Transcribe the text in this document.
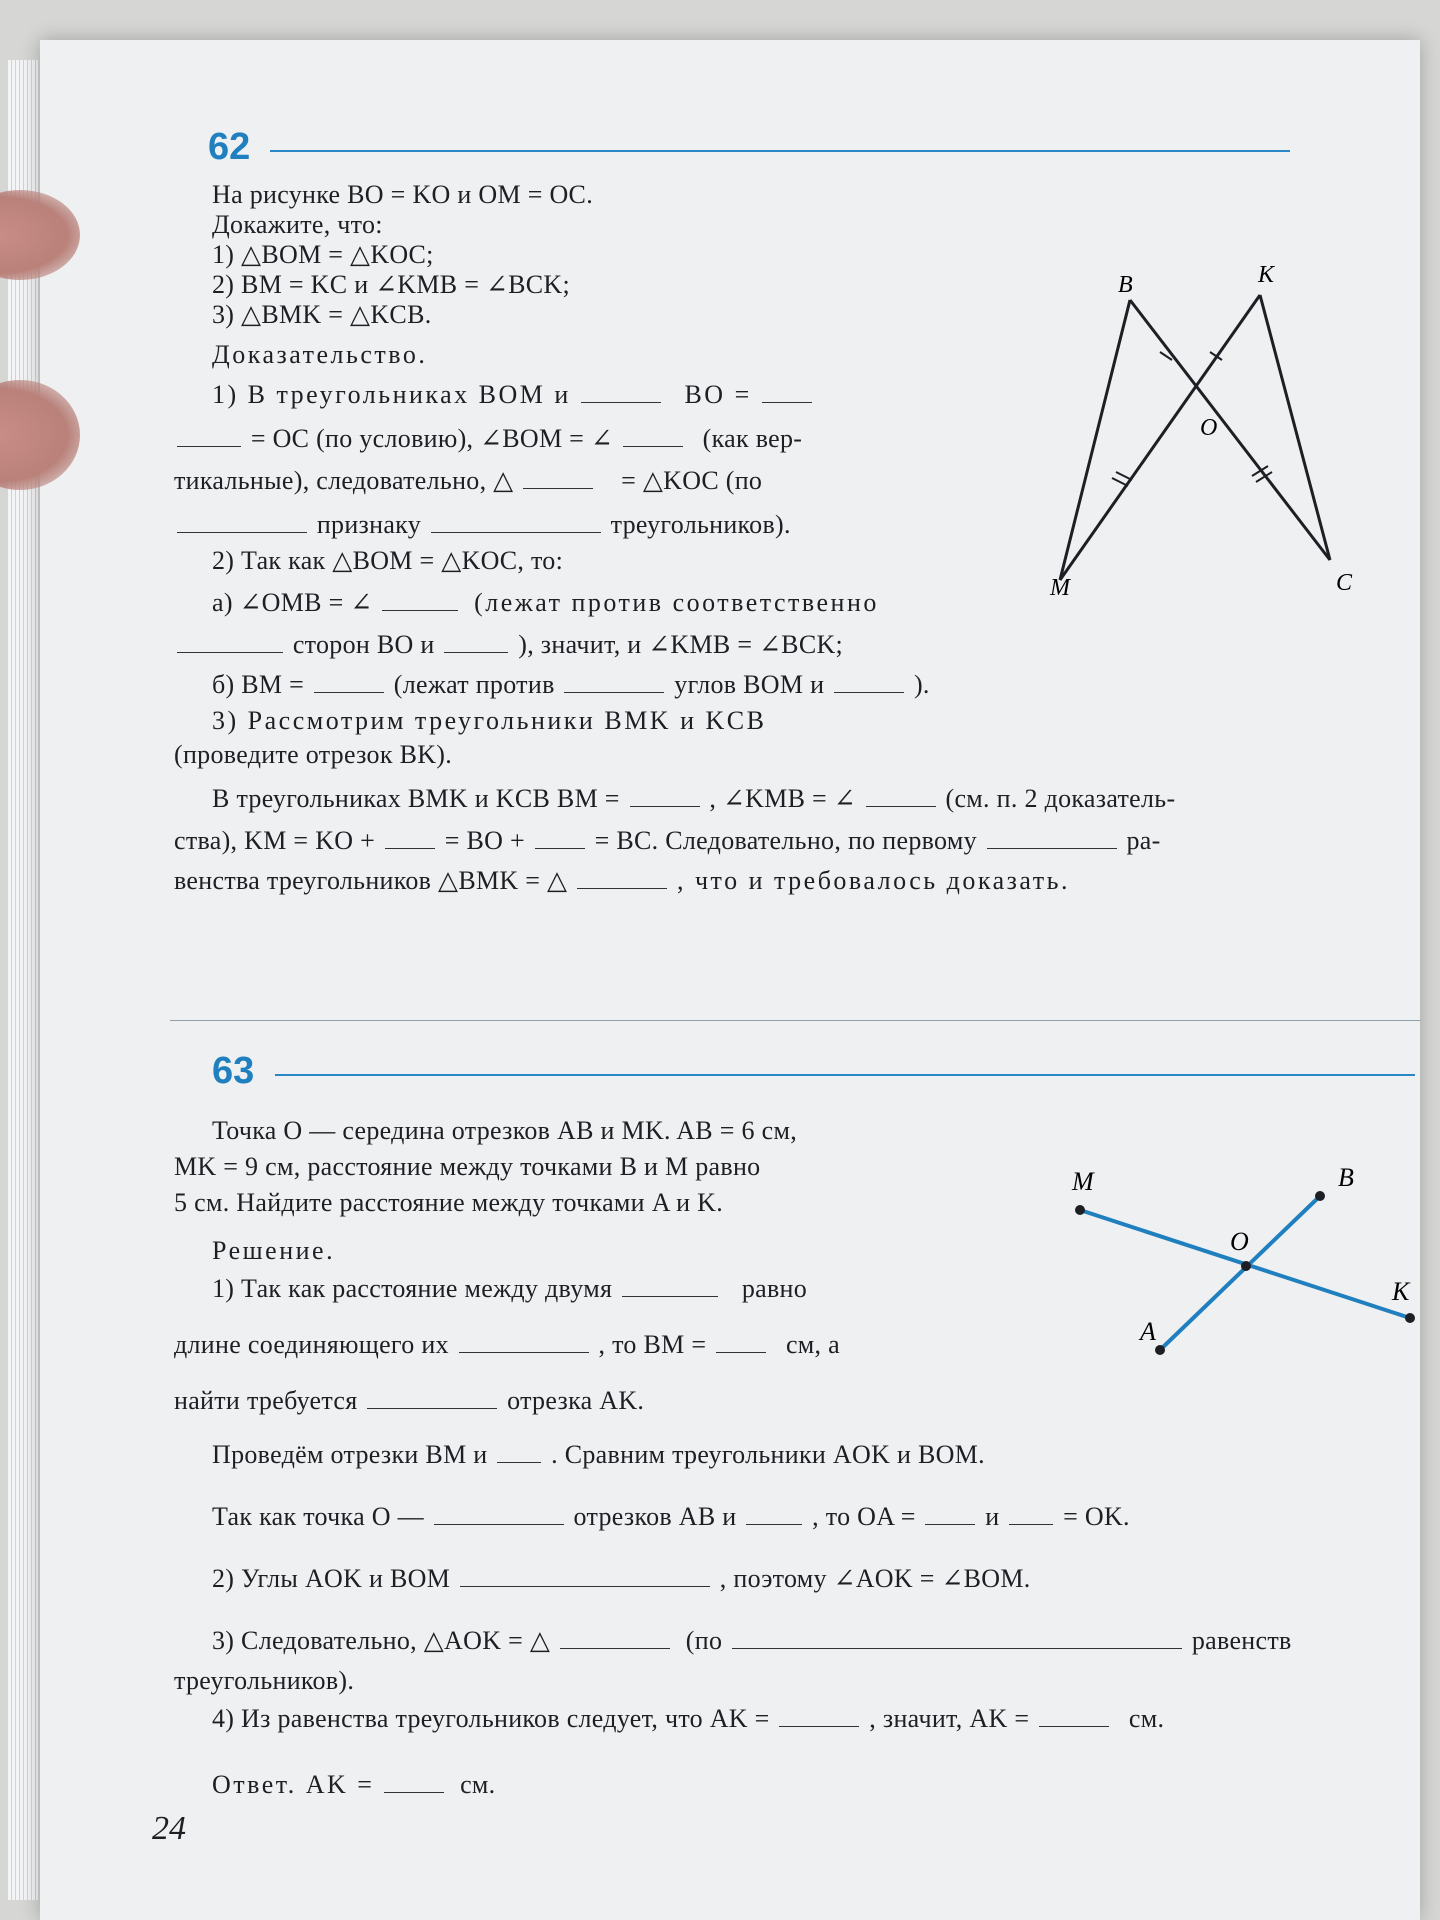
62
На рисунке BO = KO и OM = OC.
Докажите, что:
1) △BOM = △KOC;
2) BM = KC и ∠KMB = ∠BCK;
3) △BMK = △KCB.
Доказательство.
1) В треугольниках BOM и	BO =
= OC (по условию), ∠BOM = ∠	(как вер-
тикальные), следовательно, △	= △KOC (по
признаку	треугольников).
2) Так как △BOM = △KOC, то:
а) ∠OMB = ∠	(лежат против соответственно
сторон BO и	), значит, и ∠KMB = ∠BCK;
б) BM =	(лежат против	углов BOM и	).
3) Рассмотрим треугольники BMK и KCB
(проведите отрезок BK).
В треугольниках BMK и KCB BM =	, ∠KMB = ∠	(см. п. 2 доказатель-
ства), KM = KO +	= BO +	= BC. Следовательно, по первому	ра-
венства треугольников △BMK = △	, что и требовалось доказать.
B	K
O
M	C
63
Точка O — середина отрезков AB и MK. AB = 6 см,
MK = 9 см, расстояние между точками B и M равно
5 см. Найдите расстояние между точками A и K.
Решение.
1) Так как расстояние между двумя	равно
длине соединяющего их	, то BM =	см, а
найти требуется	отрезка AK.
Проведём отрезки BM и . Сравним треугольники AOK и BOM.
Так как точка O —	отрезков AB и	, то OA =	и = OK.
2) Углы AOK и BOM	, поэтому ∠AOK = ∠BOM.
3) Следовательно, △AOK = △	(по	равенств
треугольников).
4) Из равенства треугольников следует, что AK =	, значит, AK =	см.
Ответ. AK =	см.
M	B
O
K
A
24
